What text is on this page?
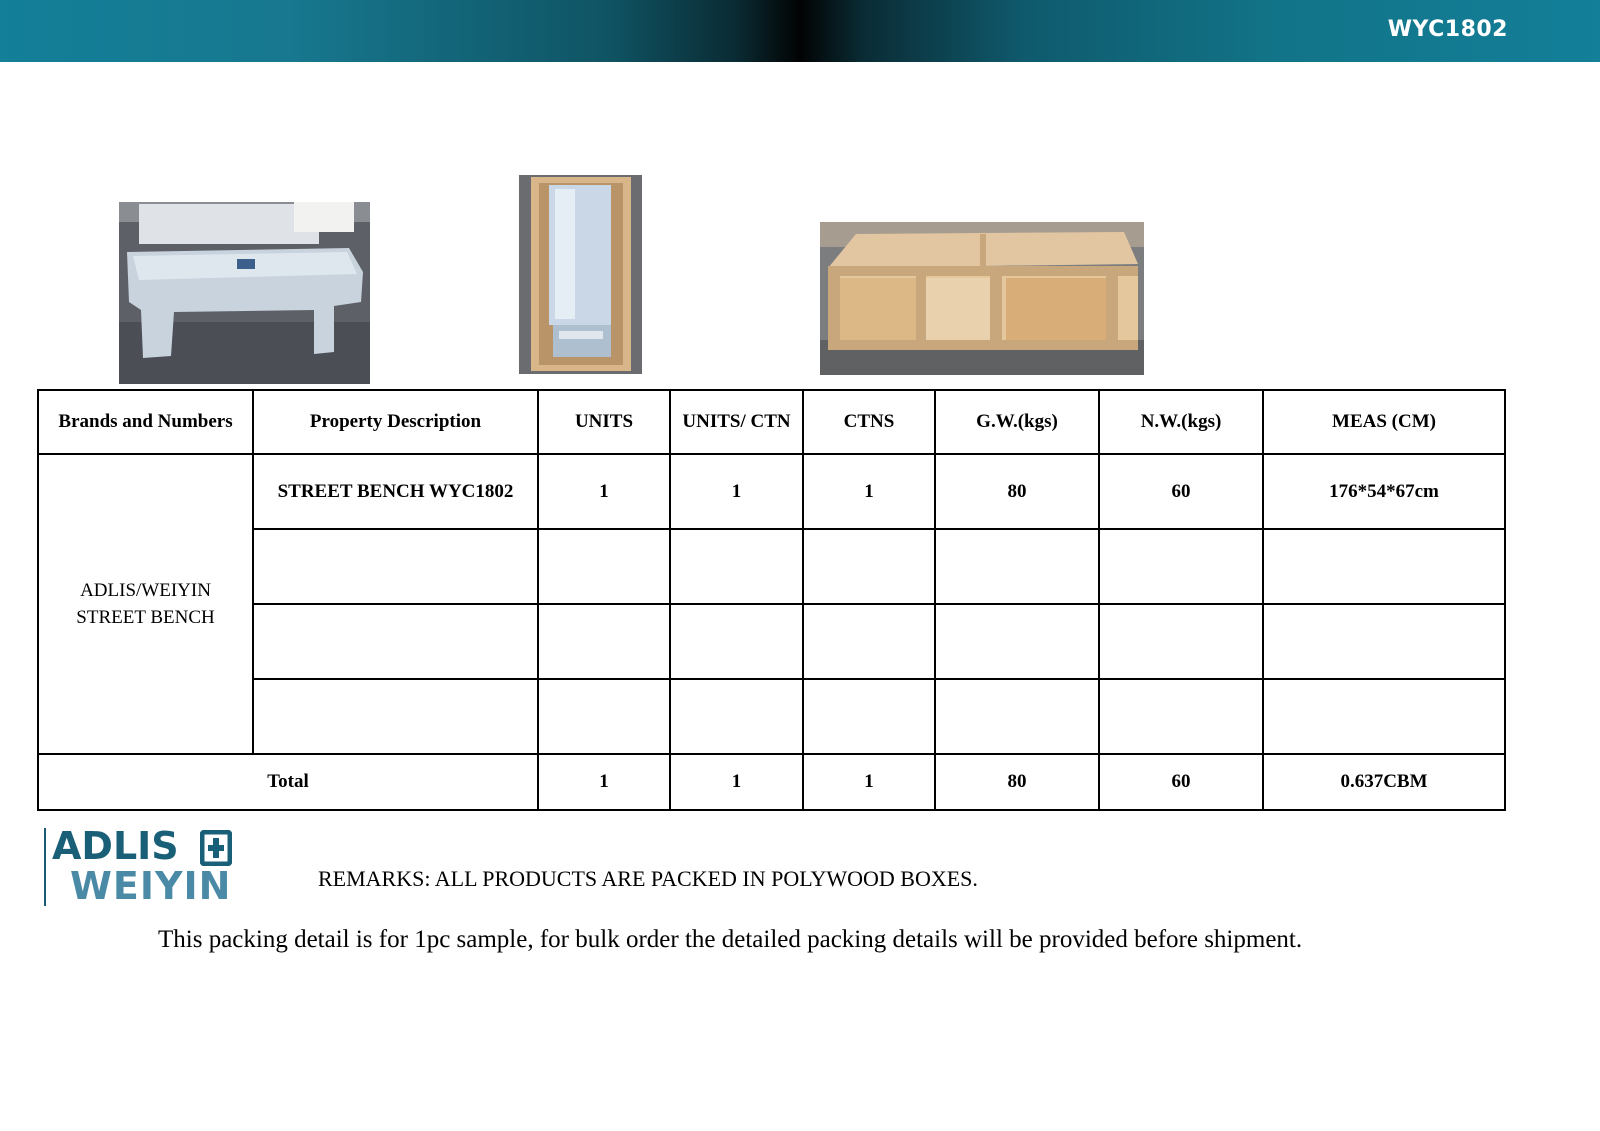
WYC1802
Brands and Numbers	Property Description	UNITS	UNITS/ CTN	CTNS	G.W.(kgs)	N.W.(kgs)	MEAS (CM)

ADLIS/WEIYIN
STREET BENCH	STREET BENCH WYC1802	1	1	1	80	60	176*54*67cm

Total		1	1	1	80	60	0.637CBM
ADLIS
WEIYIN	REMARKS: ALL PRODUCTS ARE PACKED IN POLYWOOD BOXES.
This packing detail is for 1pc sample, for bulk order the detailed packing details will be provided before shipment.
